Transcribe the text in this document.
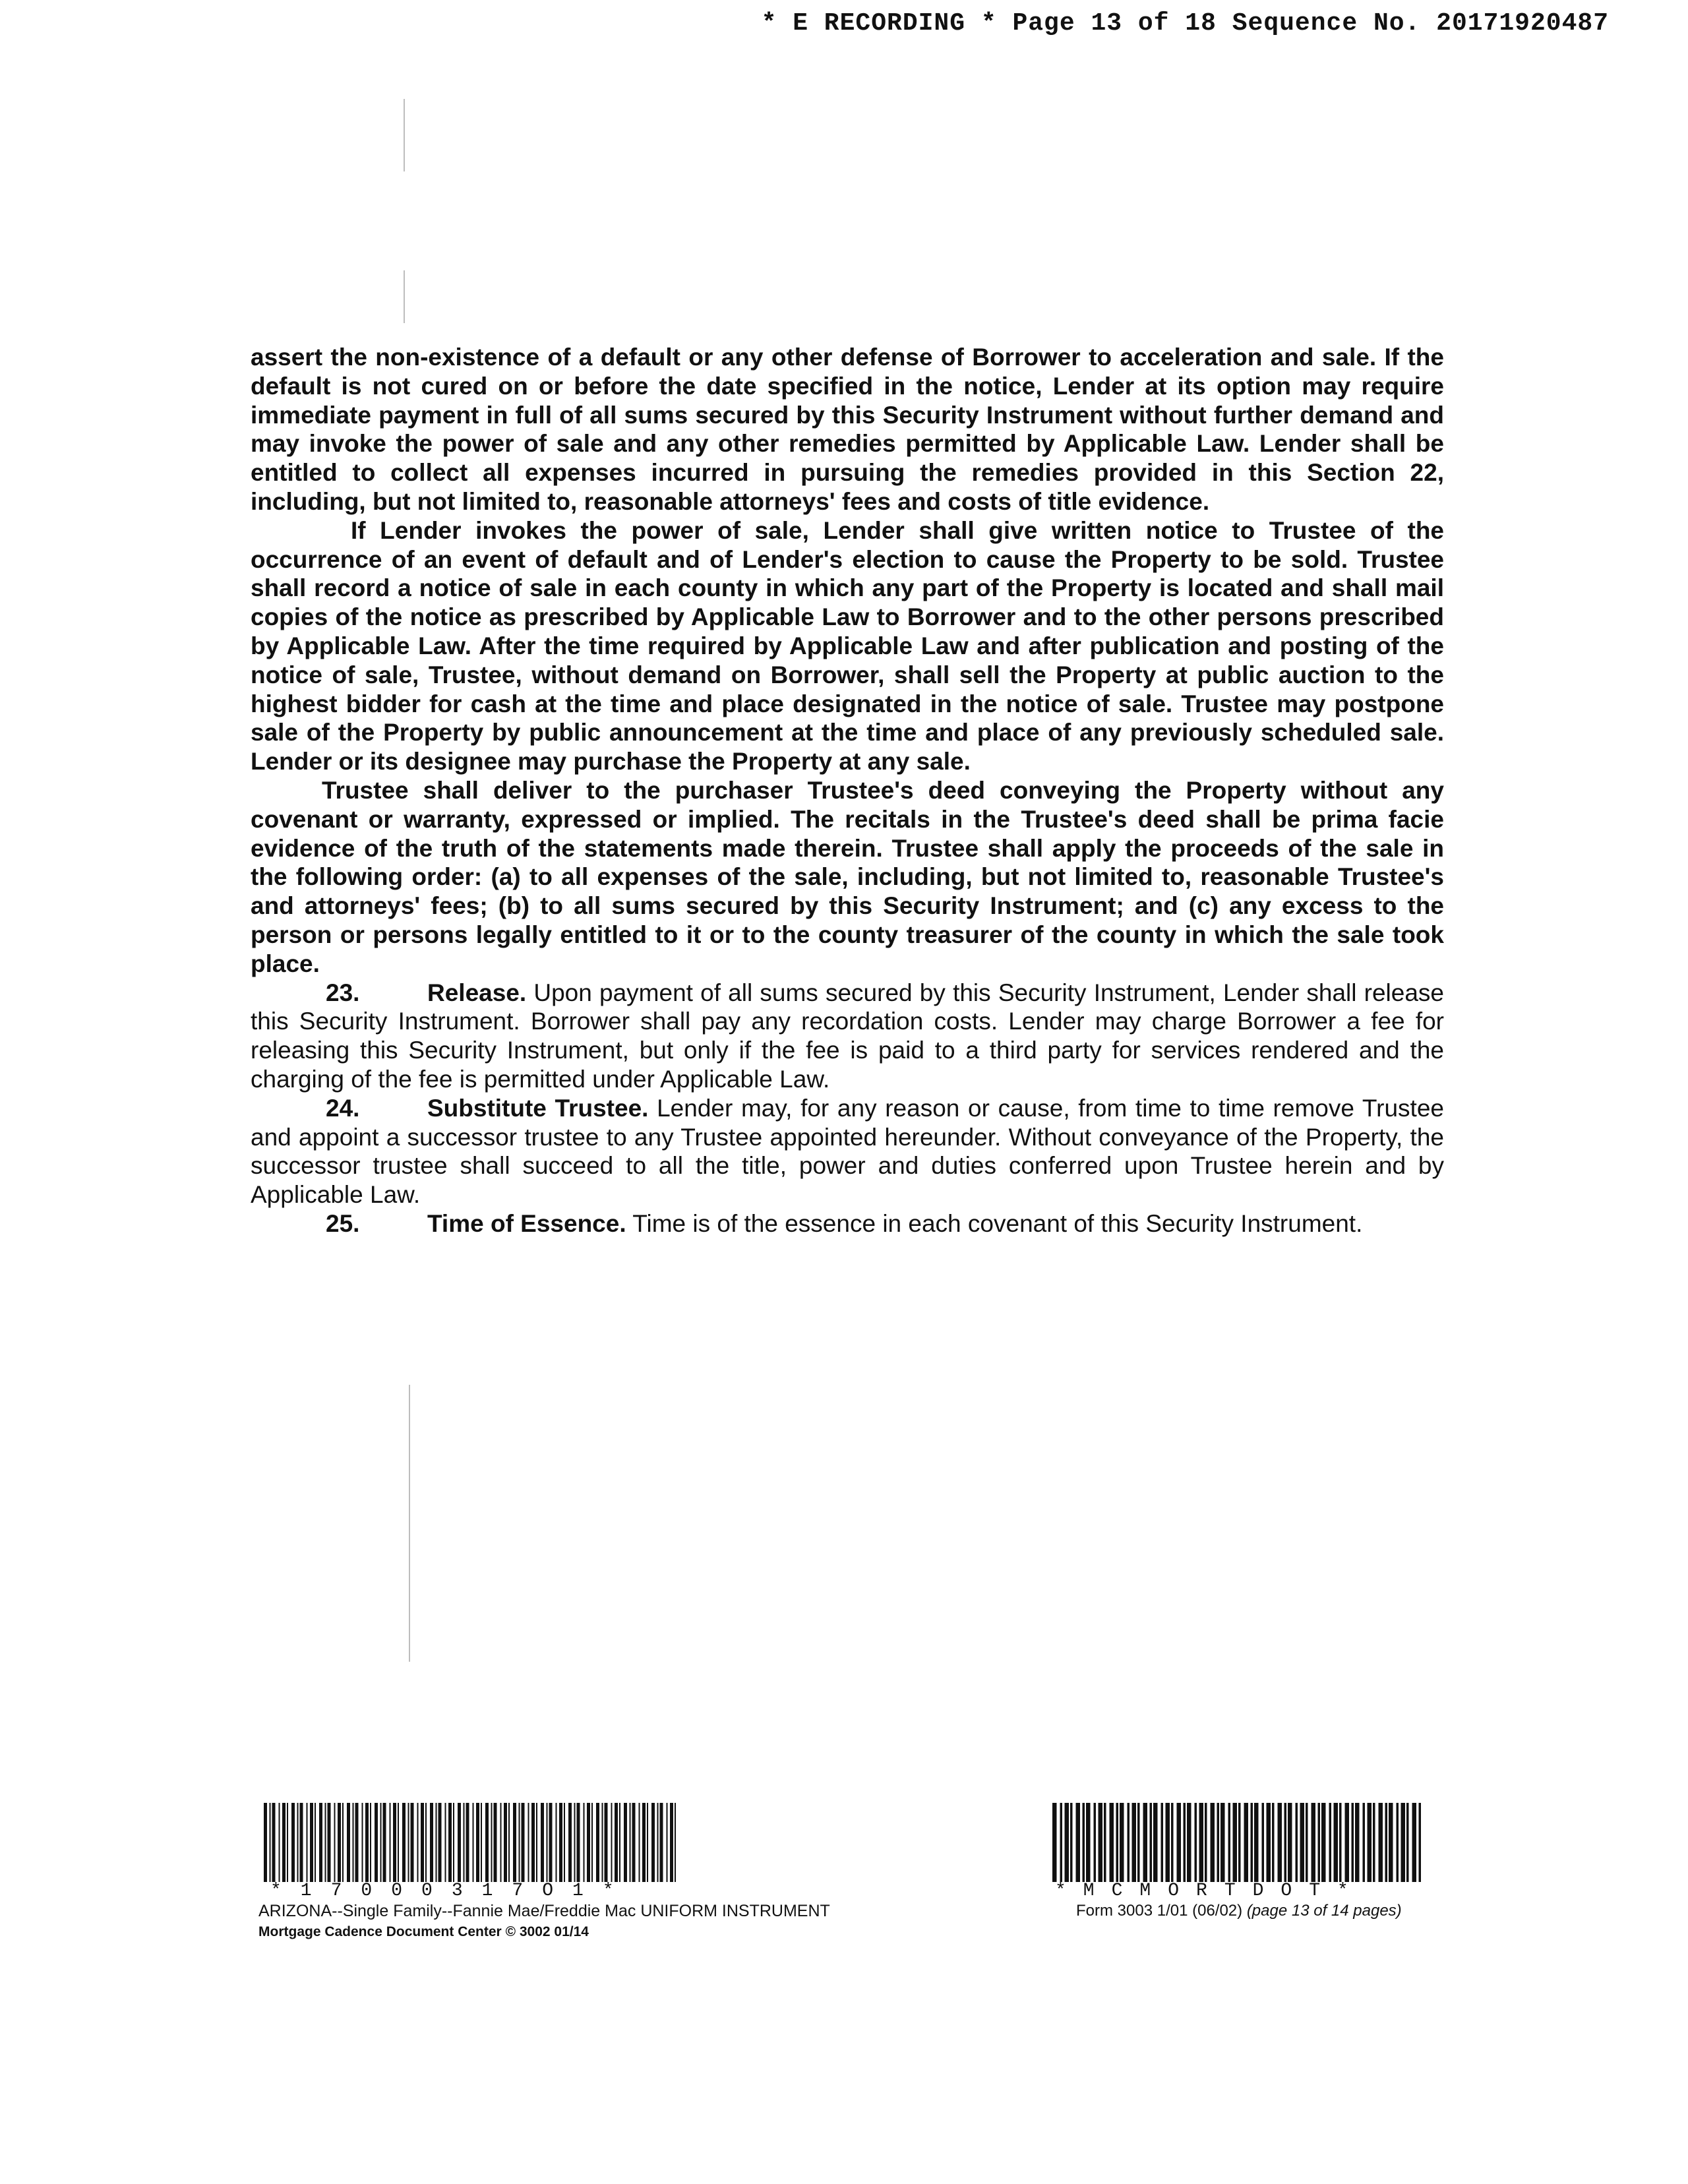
* E RECORDING * Page 13 of 18 Sequence No. 20171920487

assert the non-existence of a default or any other defense of Borrower to acceleration and sale. If the default is not cured on or before the date specified in the notice, Lender at its option may require immediate payment in full of all sums secured by this Security Instrument without further demand and may invoke the power of sale and any other remedies permitted by Applicable Law. Lender shall be entitled to collect all expenses incurred in pursuing the remedies provided in this Section 22, including, but not limited to, reasonable attorneys' fees and costs of title evidence.

If Lender invokes the power of sale, Lender shall give written notice to Trustee of the occurrence of an event of default and of Lender's election to cause the Property to be sold. Trustee shall record a notice of sale in each county in which any part of the Property is located and shall mail copies of the notice as prescribed by Applicable Law to Borrower and to the other persons prescribed by Applicable Law. After the time required by Applicable Law and after publication and posting of the notice of sale, Trustee, without demand on Borrower, shall sell the Property at public auction to the highest bidder for cash at the time and place designated in the notice of sale. Trustee may postpone sale of the Property by public announcement at the time and place of any previously scheduled sale. Lender or its designee may purchase the Property at any sale.

Trustee shall deliver to the purchaser Trustee's deed conveying the Property without any covenant or warranty, expressed or implied. The recitals in the Trustee's deed shall be prima facie evidence of the truth of the statements made therein. Trustee shall apply the proceeds of the sale in the following order: (a) to all expenses of the sale, including, but not limited to, reasonable Trustee's and attorneys' fees; (b) to all sums secured by this Security Instrument; and (c) any excess to the person or persons legally entitled to it or to the county treasurer of the county in which the sale took place.

23.	Release. Upon payment of all sums secured by this Security Instrument, Lender shall release this Security Instrument. Borrower shall pay any recordation costs. Lender may charge Borrower a fee for releasing this Security Instrument, but only if the fee is paid to a third party for services rendered and the charging of the fee is permitted under Applicable Law.

24.	Substitute Trustee. Lender may, for any reason or cause, from time to time remove Trustee and appoint a successor trustee to any Trustee appointed hereunder. Without conveyance of the Property, the successor trustee shall succeed to all the title, power and duties conferred upon Trustee herein and by Applicable Law.

25.	Time of Essence. Time is of the essence in each covenant of this Security Instrument.

*17000317O1*	*MCMORTDOT*
ARIZONA--Single Family--Fannie Mae/Freddie Mac UNIFORM INSTRUMENT
Mortgage Cadence Document Center © 3002 01/14
Form 3003 1/01 (06/02) (page 13 of 14 pages)
